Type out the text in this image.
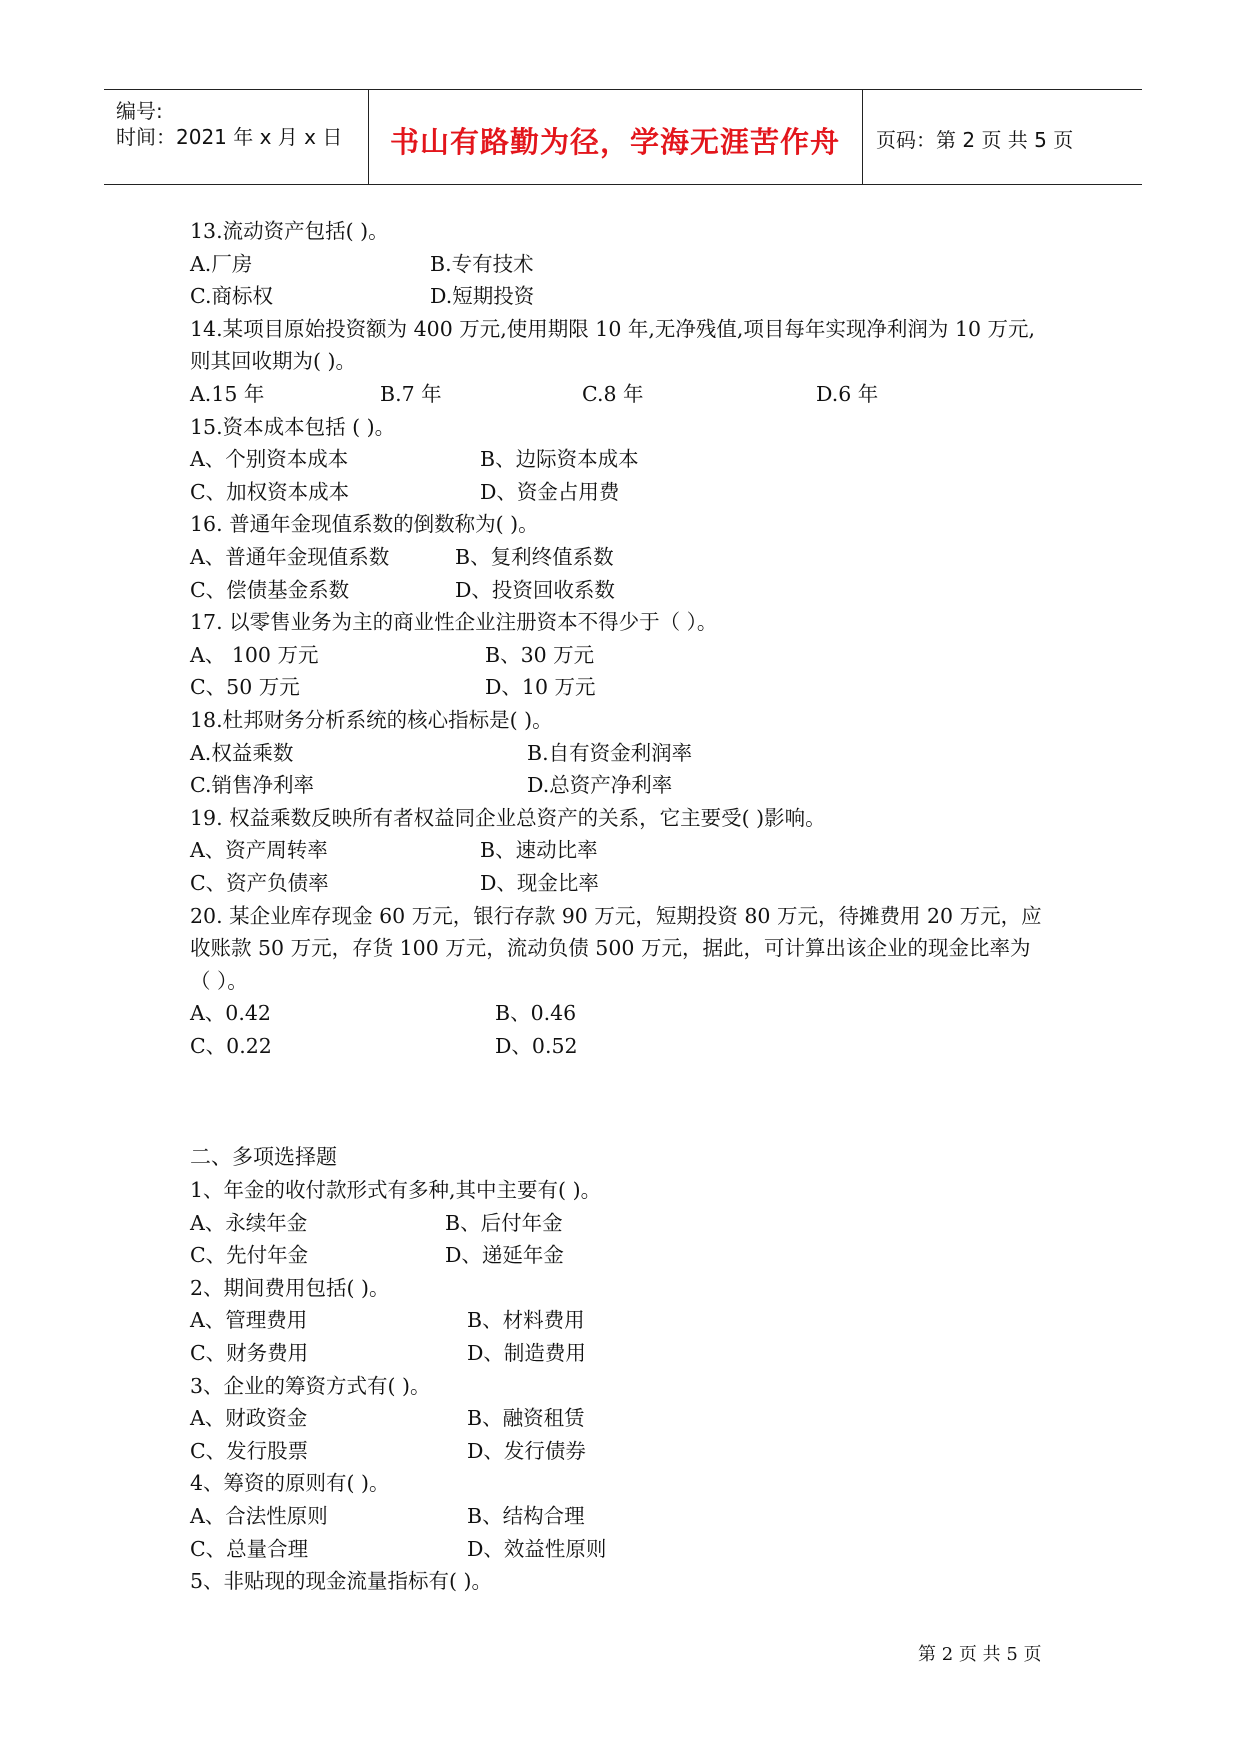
编号:
时间：2021 年 x 月 x 日	书山有路勤为径，学海无涯苦作舟	页码：第 2 页 共 5 页
13.流动资产包括( )。
A.厂房	B.专有技术
C.商标权	D.短期投资
14.某项目原始投资额为 400 万元,使用期限 10 年,无净残值,项目每年实现净利润为 10 万元,
则其回收期为( )。
A.15 年	B.7 年	C.8 年	D.6 年
15.资本成本包括 ( )。
A、个别资本成本	B、边际资本成本
C、加权资本成本	D、资金占用费
16. 普通年金现值系数的倒数称为( )。
A、普通年金现值系数	B、复利终值系数
C、偿债基金系数	D、投资回收系数
17. 以零售业务为主的商业性企业注册资本不得少于（ ）。
A、 100 万元	B、30 万元
C、50 万元	D、10 万元
18.杜邦财务分析系统的核心指标是( )。
A.权益乘数	B.自有资金利润率
C.销售净利率	D.总资产净利率
19. 权益乘数反映所有者权益同企业总资产的关系，它主要受( )影响。
A、资产周转率	B、速动比率
C、资产负债率	D、现金比率
20. 某企业库存现金 60 万元，银行存款 90 万元，短期投资 80 万元，待摊费用 20 万元，应
收账款 50 万元，存货 100 万元，流动负债 500 万元，据此，可计算出该企业的现金比率为
（ ）。
A、0.42	B、0.46
C、0.22	D、0.52
二、多项选择题
1、年金的收付款形式有多种,其中主要有( )。
A、永续年金	B、后付年金
C、先付年金	D、递延年金
2、期间费用包括( )。
A、管理费用	B、材料费用
C、财务费用	D、制造费用
3、企业的筹资方式有( )。
A、财政资金	B、融资租赁
C、发行股票	D、发行债券
4、筹资的原则有( )。
A、合法性原则	B、结构合理
C、总量合理	D、效益性原则
5、非贴现的现金流量指标有( )。
第 2 页 共 5 页
